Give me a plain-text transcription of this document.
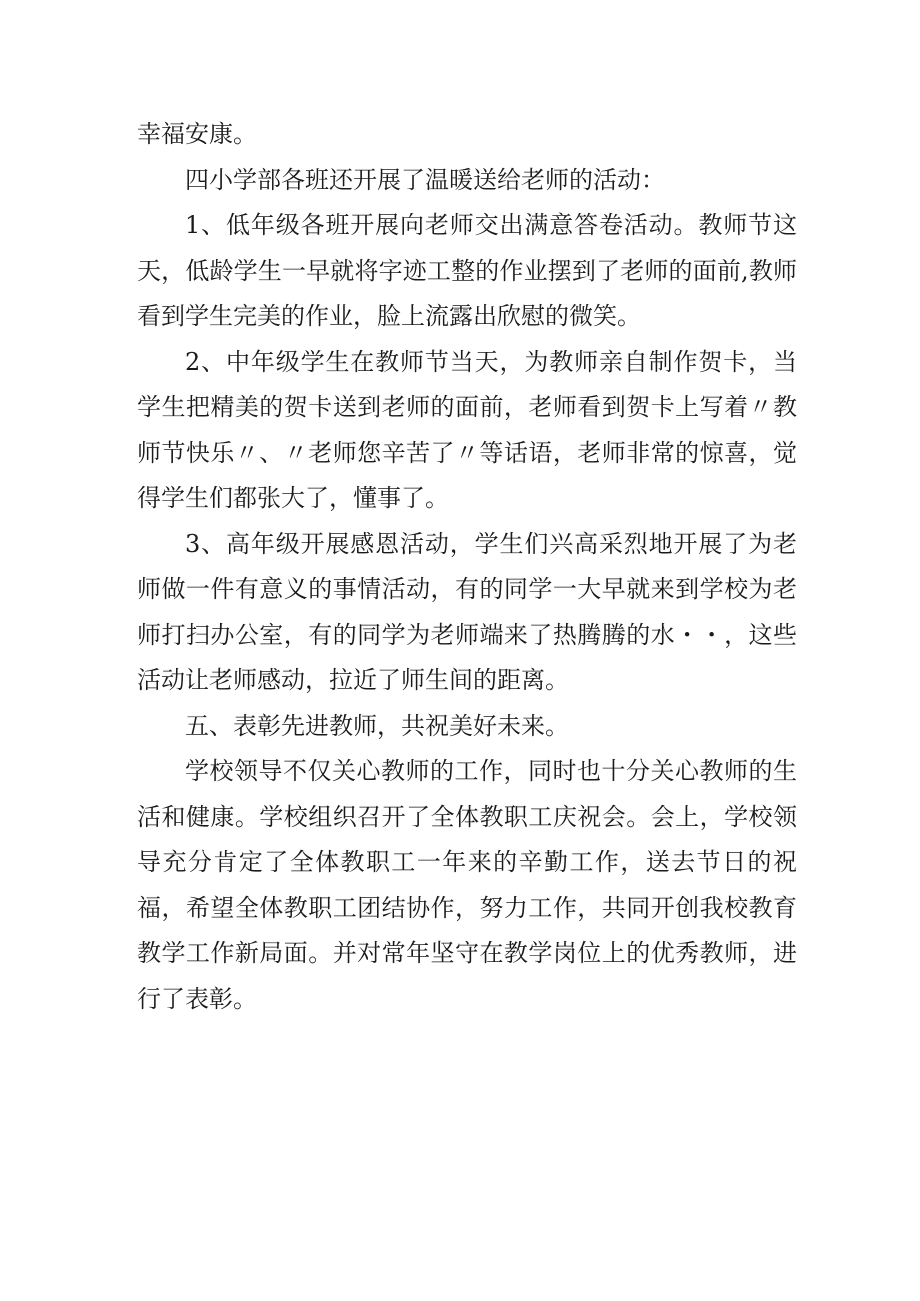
幸福安康。

四小学部各班还开展了温暖送给老师的活动：

1、低年级各班开展向老师交出满意答卷活动。教师节这天，低龄学生一早就将字迹工整的作业摆到了老师的面前,教师看到学生完美的作业，脸上流露出欣慰的微笑。

2、中年级学生在教师节当天，为教师亲自制作贺卡，当学生把精美的贺卡送到老师的面前，老师看到贺卡上写着〃教师节快乐〃、〃老师您辛苦了〃等话语，老师非常的惊喜，觉得学生们都张大了，懂事了。

3、高年级开展感恩活动，学生们兴高采烈地开展了为老师做一件有意义的事情活动，有的同学一大早就来到学校为老师打扫办公室，有的同学为老师端来了热腾腾的水・・，这些活动让老师感动，拉近了师生间的距离。

五、表彰先进教师，共祝美好未来。

学校领导不仅关心教师的工作，同时也十分关心教师的生活和健康。学校组织召开了全体教职工庆祝会。会上，学校领导充分肯定了全体教职工一年来的辛勤工作，送去节日的祝福，希望全体教职工团结协作，努力工作，共同开创我校教育教学工作新局面。并对常年坚守在教学岗位上的优秀教师，进行了表彰。
